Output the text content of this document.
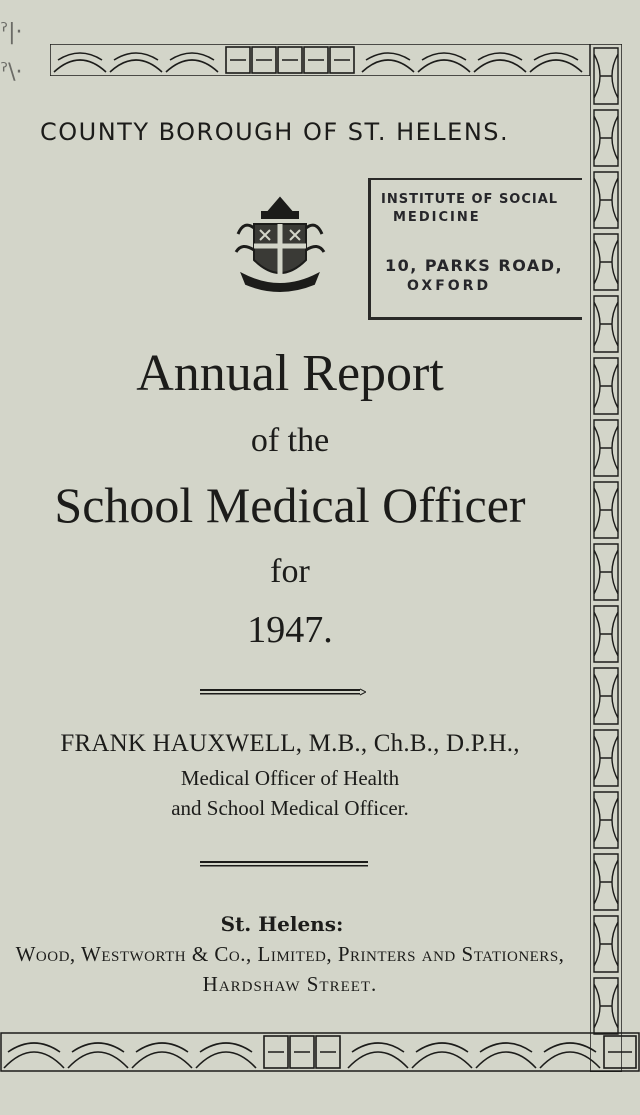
ˀ|·
ˀ\·
COUNTY BOROUGH OF ST. HELENS.
INSTITUTE OF SOCIAL
MEDICINE
10, PARKS ROAD,
OXFORD
Annual Report
of the
School Medical Officer
for
1947.
FRANK HAUXWELL, M.B., Ch.B., D.P.H.,
Medical Officer of Health
and School Medical Officer.
St. Helens:
Wood, Westworth & Co., Limited, Printers and Stationers,
Hardshaw Street.
